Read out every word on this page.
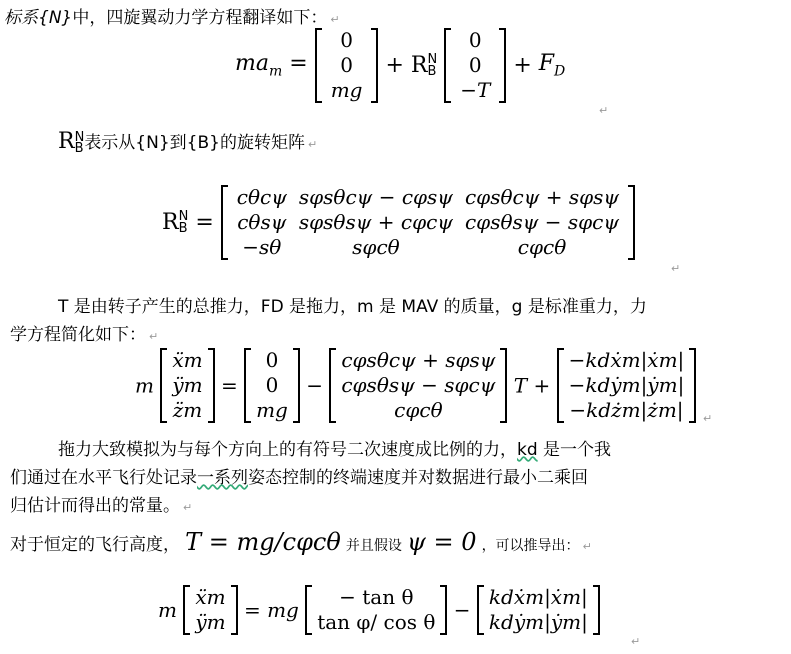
标系{N}中，四旋翼动力学方程翻译如下： ↵
$ma_m$ =
0
0
mg
+ RN
B
0
0
−T
+ $F_D$
↵
RN
B表示从{N}到{B}的旋转矩阵 ↵
RN
B =
cθcψ	sφsθcψ − cφsψ	cφsθcψ + sφsψ
cθsψ	sφsθsψ + cφcψ	cφsθsψ − sφcψ
−sθ	sφcθ	cφcθ
↵
T 是由转子产生的总推力，FD 是拖力，m 是 MAV 的质量，g 是标准重力，力
学方程简化如下： ↵
m
ẍm
ÿm
z̈m
=
0
0
mg
−
cφsθcψ + sφsψ
cφsθsψ − sφcψ
cφcθ
T +
−kdẋm|ẋm|
−kdẏm|ẏm|
−kdżm|żm| ↵
拖力大致模拟为与每个方向上的有符号二次速度成比例的力，kd 是一个我
们通过在水平飞行处记录一系列姿态控制的终端速度并对数据进行最小二乘回
归估计而得出的常量。 ↵
对于恒定的飞行高度， T = mg/cφcθ 并且假设 ψ = 0 ，可以推导出： ↵
m
ẍm
ÿm = mg
− tan θ
tan φ/ cos θ −
kdẋm|ẋm|
kdẏm|ẏm|
↵
